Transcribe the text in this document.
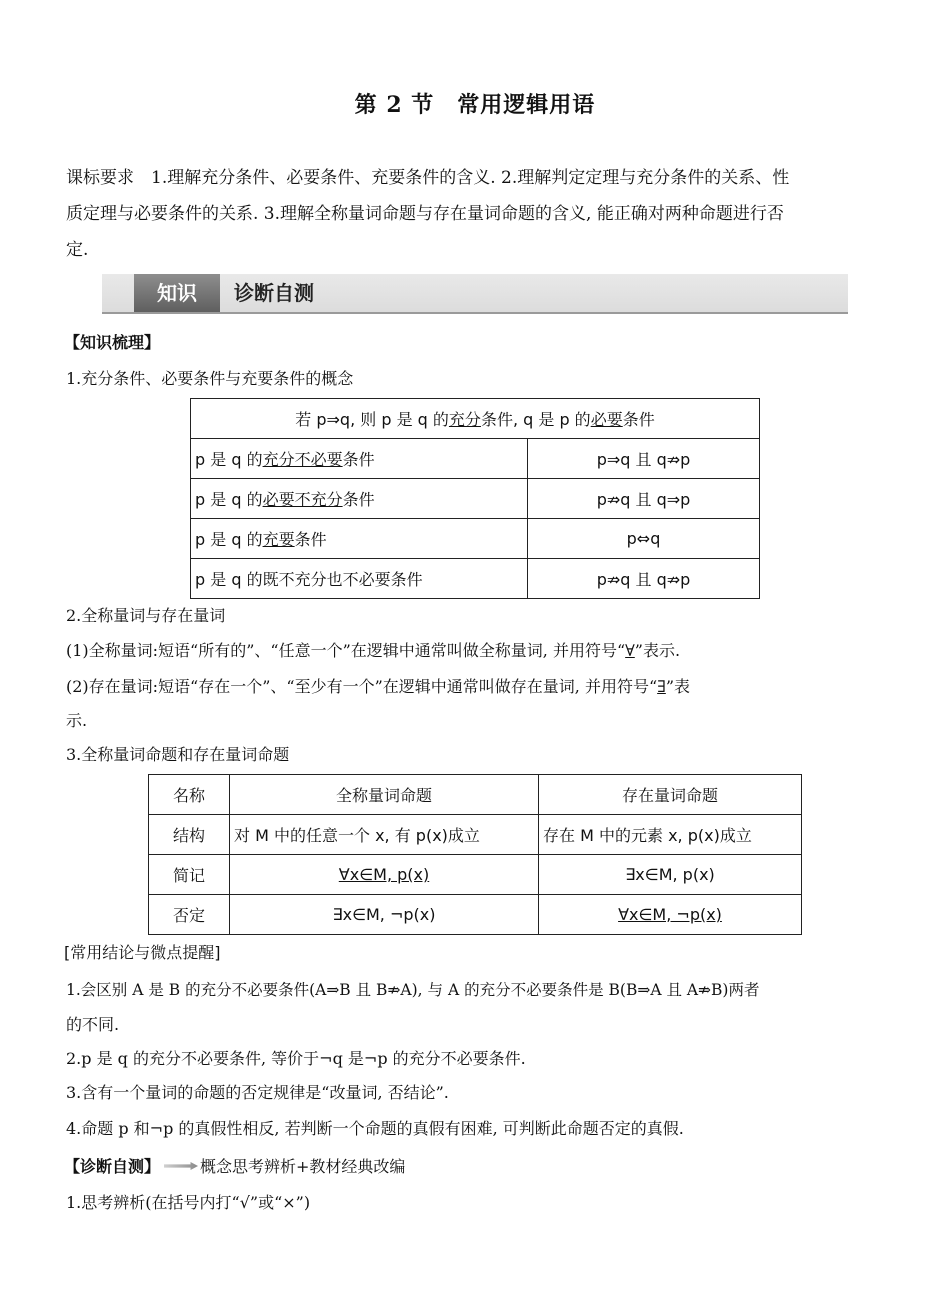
第 2 节　常用逻辑用语
课标要求　1.理解充分条件、必要条件、充要条件的含义. 2.理解判定定理与充分条件的关系、性
质定理与必要条件的关系. 3.理解全称量词命题与存在量词命题的含义, 能正确对两种命题进行否
定.
知识	诊断自测
【知识梳理】
1.充分条件、必要条件与充要条件的概念
若 p⇒q, 则 p 是 q 的充分条件, q 是 p 的必要条件	
p 是 q 的充分不必要条件	p⇒q 且 q⇏p
p 是 q 的必要不充分条件	p⇏q 且 q⇒p
p 是 q 的充要条件	p⇔q
p 是 q 的既不充分也不必要条件	p⇏q 且 q⇏p
2.全称量词与存在量词
(1)全称量词:短语“所有的”、“任意一个”在逻辑中通常叫做全称量词, 并用符号“∀”表示.
(2)存在量词:短语“存在一个”、“至少有一个”在逻辑中通常叫做存在量词, 并用符号“∃”表
示.
3.全称量词命题和存在量词命题
名称	全称量词命题	存在量词命题
结构	对 M 中的任意一个 x, 有 p(x)成立	存在 M 中的元素 x, p(x)成立
简记	∀x∈M, p(x)	∃x∈M, p(x)
否定	∃x∈M, ¬p(x)	∀x∈M, ¬p(x)
[常用结论与微点提醒]
1.会区别 A 是 B 的充分不必要条件(A⇒B 且 B⇏A), 与 A 的充分不必要条件是 B(B⇒A 且 A⇏B)两者
的不同.
2.p 是 q 的充分不必要条件, 等价于¬q 是¬p 的充分不必要条件.
3.含有一个量词的命题的否定规律是“改量词, 否结论”.
4.命题 p 和¬p 的真假性相反, 若判断一个命题的真假有困难, 可判断此命题否定的真假.
【诊断自测】	概念思考辨析+教材经典改编
1.思考辨析(在括号内打“√”或“×”)
